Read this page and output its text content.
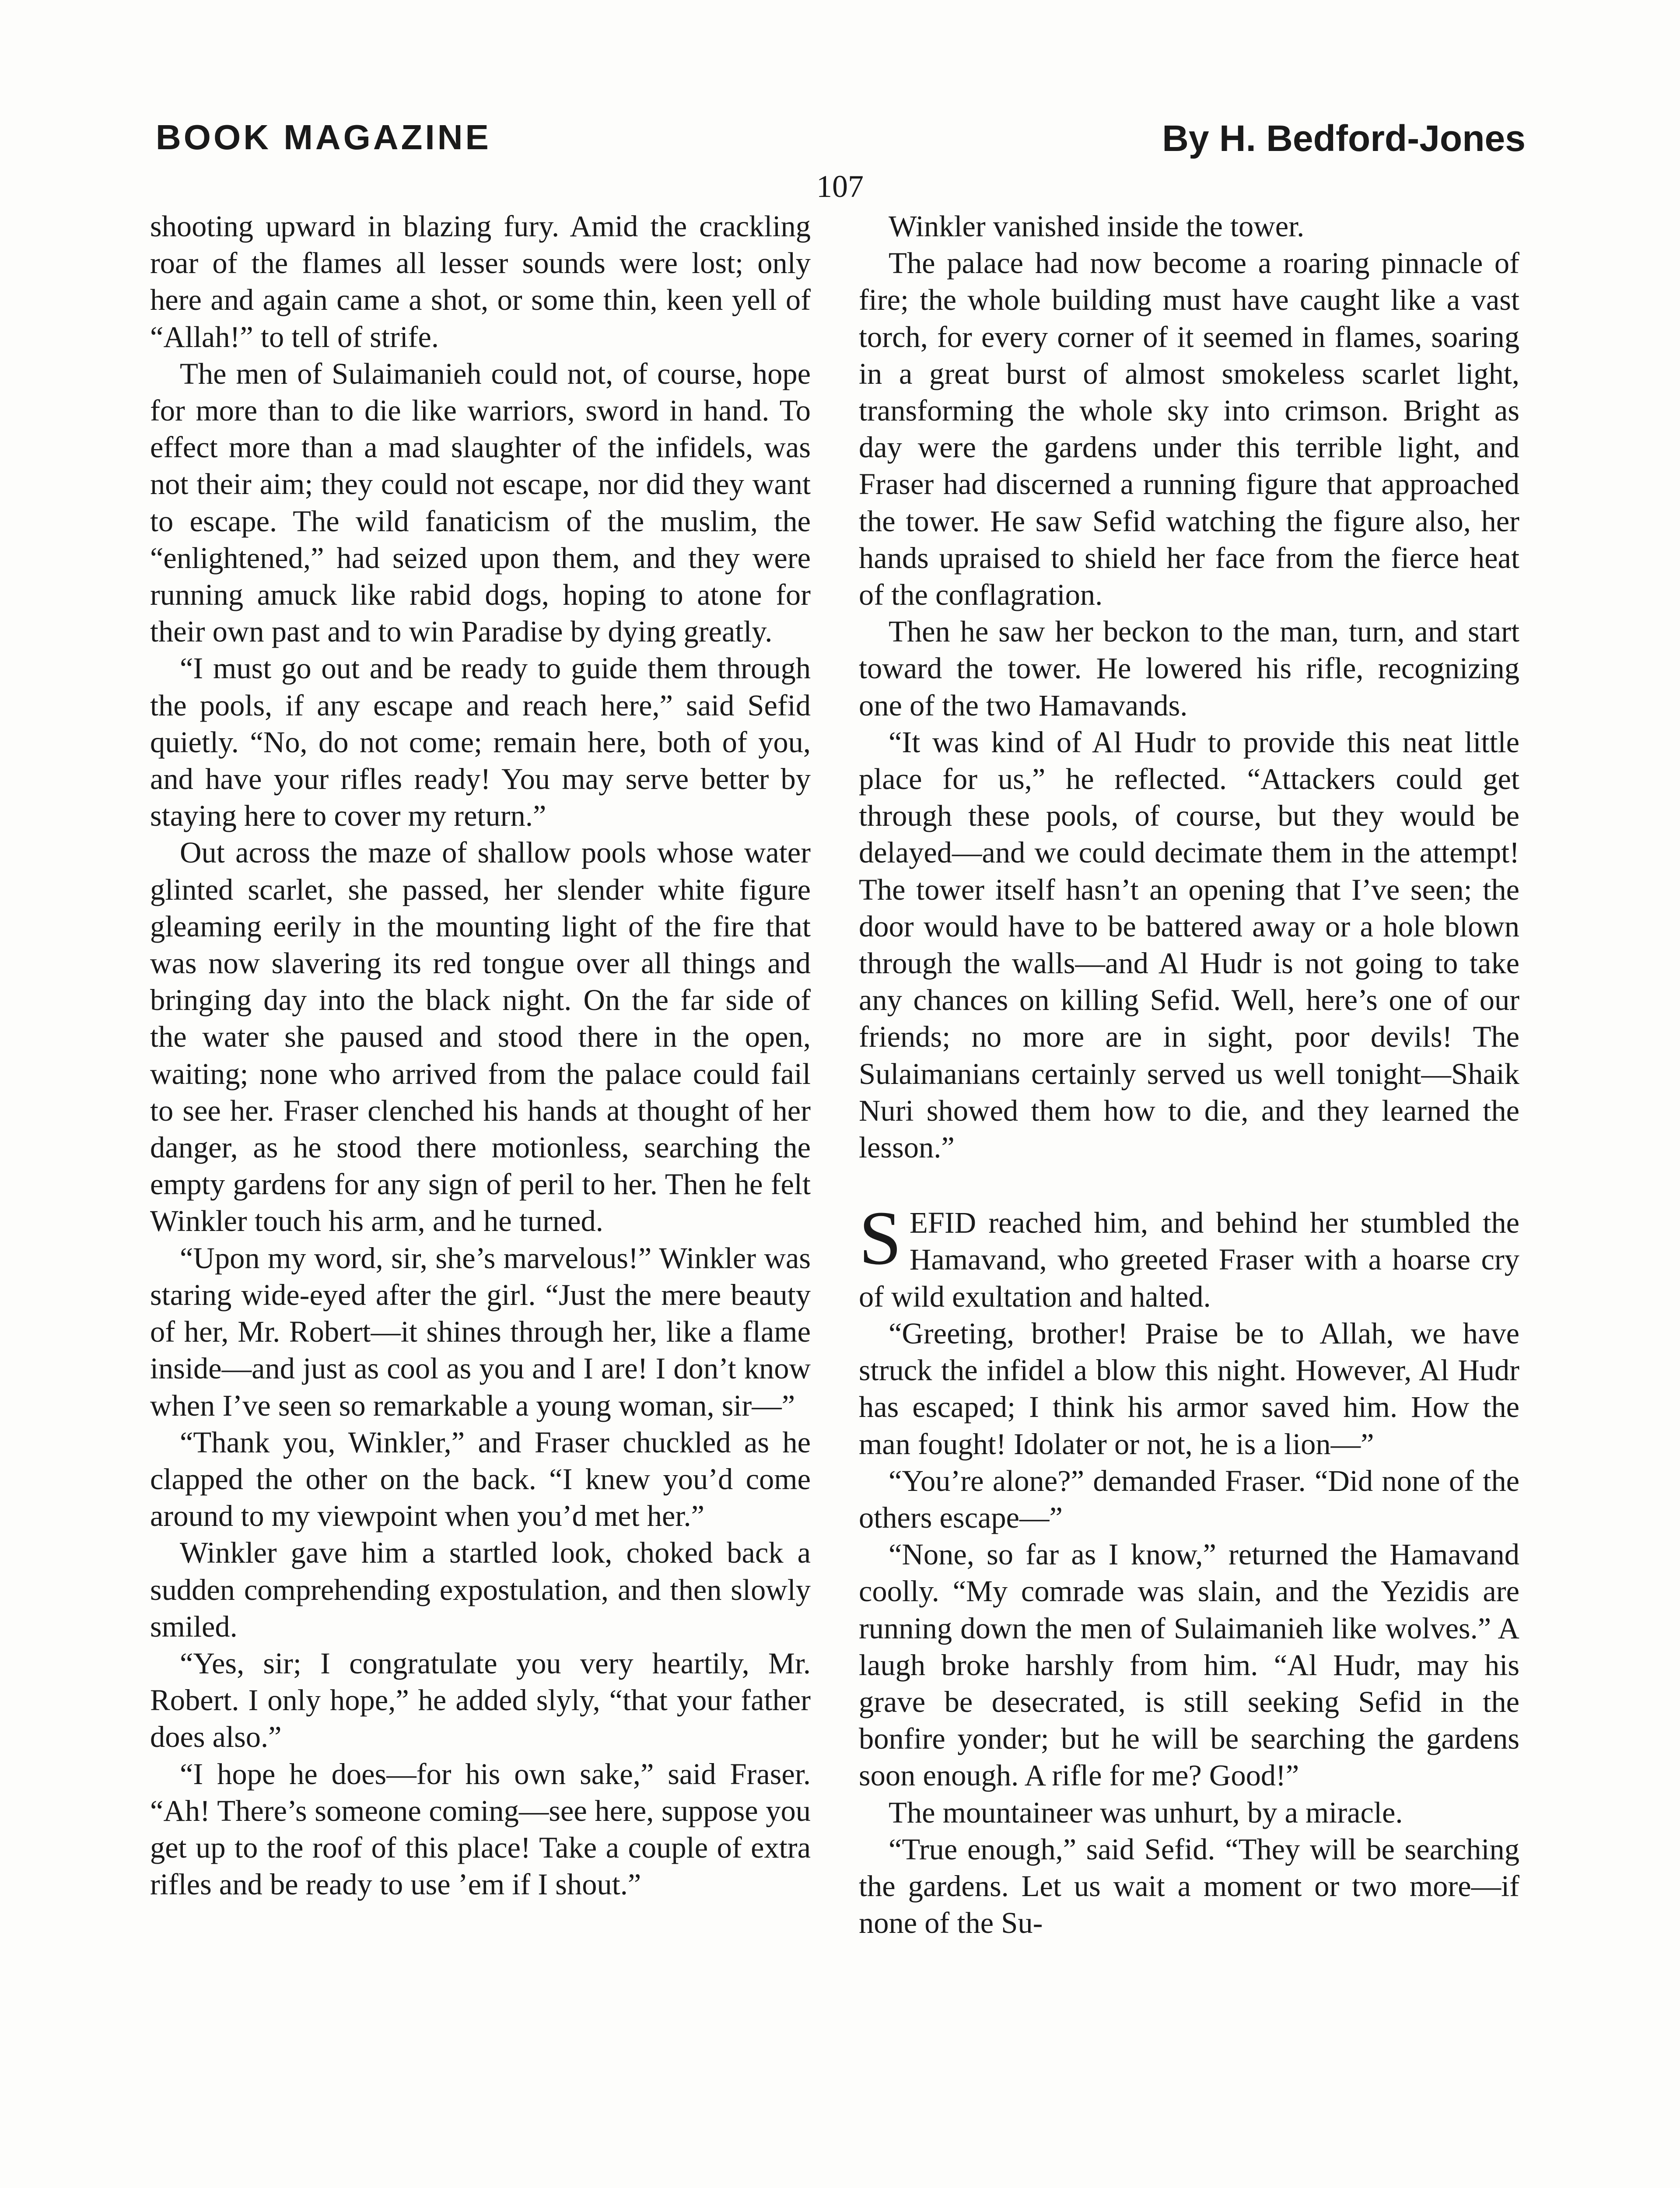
BOOK MAGAZINE	By H. Bedford-Jones
107

shooting upward in blazing fury. Amid the crackling roar of the flames all lesser sounds were lost; only here and again came a shot, or some thin, keen yell of “Allah!” to tell of strife.

The men of Sulaimanieh could not, of course, hope for more than to die like warriors, sword in hand. To effect more than a mad slaughter of the infidels, was not their aim; they could not escape, nor did they want to escape. The wild fanaticism of the muslim, the “enlightened,” had seized upon them, and they were running amuck like rabid dogs, hoping to atone for their own past and to win Paradise by dying greatly.

“I must go out and be ready to guide them through the pools, if any escape and reach here,” said Sefid quietly. “No, do not come; remain here, both of you, and have your rifles ready! You may serve better by staying here to cover my return.”

Out across the maze of shallow pools whose water glinted scarlet, she passed, her slender white figure gleaming eerily in the mounting light of the fire that was now slavering its red tongue over all things and bringing day into the black night. On the far side of the water she paused and stood there in the open, waiting; none who arrived from the palace could fail to see her. Fraser clenched his hands at thought of her danger, as he stood there motionless, searching the empty gardens for any sign of peril to her. Then he felt Winkler touch his arm, and he turned.

“Upon my word, sir, she’s marvelous!” Winkler was staring wide-eyed after the girl. “Just the mere beauty of her, Mr. Robert—it shines through her, like a flame inside—and just as cool as you and I are! I don’t know when I’ve seen so remarkable a young woman, sir—”

“Thank you, Winkler,” and Fraser chuckled as he clapped the other on the back. “I knew you’d come around to my viewpoint when you’d met her.”

Winkler gave him a startled look, choked back a sudden comprehending expostulation, and then slowly smiled.

“Yes, sir; I congratulate you very heartily, Mr. Robert. I only hope,” he added slyly, “that your father does also.”

“I hope he does—for his own sake,” said Fraser. “Ah! There’s someone coming—see here, suppose you get up to the roof of this place! Take a couple of extra rifles and be ready to use ’em if I shout.”

Winkler vanished inside the tower.

The palace had now become a roaring pinnacle of fire; the whole building must have caught like a vast torch, for every corner of it seemed in flames, soaring in a great burst of almost smokeless scarlet light, transforming the whole sky into crimson. Bright as day were the gardens under this terrible light, and Fraser had discerned a running figure that approached the tower. He saw Sefid watching the figure also, her hands upraised to shield her face from the fierce heat of the conflagration.

Then he saw her beckon to the man, turn, and start toward the tower. He lowered his rifle, recognizing one of the two Hamavands.

“It was kind of Al Hudr to provide this neat little place for us,” he reflected. “Attackers could get through these pools, of course, but they would be delayed—and we could decimate them in the attempt! The tower itself hasn’t an opening that I’ve seen; the door would have to be battered away or a hole blown through the walls—and Al Hudr is not going to take any chances on killing Sefid. Well, here’s one of our friends; no more are in sight, poor devils! The Sulaimanians certainly served us well tonight—Shaik Nuri showed them how to die, and they learned the lesson.”

SEFID reached him, and behind her stumbled the Hamavand, who greeted Fraser with a hoarse cry of wild exultation and halted.

“Greeting, brother! Praise be to Allah, we have struck the infidel a blow this night. However, Al Hudr has escaped; I think his armor saved him. How the man fought! Idolater or not, he is a lion—”

“You’re alone?” demanded Fraser. “Did none of the others escape—”

“None, so far as I know,” returned the Hamavand coolly. “My comrade was slain, and the Yezidis are running down the men of Sulaimanieh like wolves.” A laugh broke harshly from him. “Al Hudr, may his grave be desecrated, is still seeking Sefid in the bonfire yonder; but he will be searching the gardens soon enough. A rifle for me? Good!”

The mountaineer was unhurt, by a miracle.

“True enough,” said Sefid. “They will be searching the gardens. Let us wait a moment or two more—if none of the Su-
